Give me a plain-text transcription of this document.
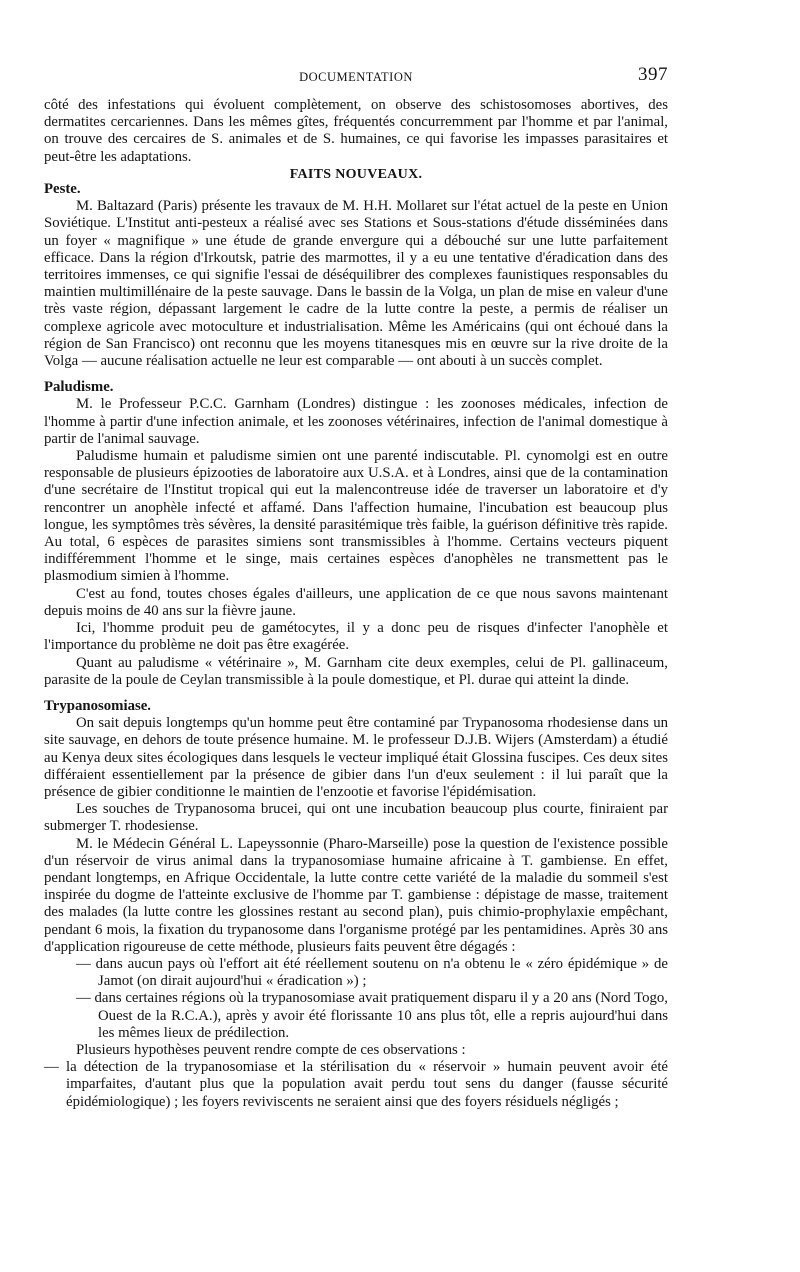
DOCUMENTATION	397

côté des infestations qui évoluent complètement, on observe des schistosomoses abortives, des dermatites cercariennes. Dans les mêmes gîtes, fréquentés concurremment par l'homme et par l'animal, on trouve des cercaires de S. animales et de S. humaines, ce qui favorise les impasses parasitaires et peut-être les adaptations.

FAITS NOUVEAUX.

Peste.

M. Baltazard (Paris) présente les travaux de M. H.H. Mollaret sur l'état actuel de la peste en Union Soviétique. L'Institut anti-pesteux a réalisé avec ses Stations et Sous-stations d'étude disséminées dans un foyer « magnifique » une étude de grande envergure qui a débouché sur une lutte parfaitement efficace. Dans la région d'Irkoutsk, patrie des marmottes, il y a eu une tentative d'éradication dans des territoires immenses, ce qui signifie l'essai de déséquilibrer des complexes faunistiques responsables du maintien multimillénaire de la peste sauvage. Dans le bassin de la Volga, un plan de mise en valeur d'une très vaste région, dépassant largement le cadre de la lutte contre la peste, a permis de réaliser un complexe agricole avec motoculture et industrialisation. Même les Américains (qui ont échoué dans la région de San Francisco) ont reconnu que les moyens titanesques mis en œuvre sur la rive droite de la Volga — aucune réalisation actuelle ne leur est comparable — ont abouti à un succès complet.

Paludisme.

M. le Professeur P.C.C. Garnham (Londres) distingue : les zoonoses médicales, infection de l'homme à partir d'une infection animale, et les zoonoses vétérinaires, infection de l'animal domestique à partir de l'animal sauvage.

Paludisme humain et paludisme simien ont une parenté indiscutable. Pl. cynomolgi est en outre responsable de plusieurs épizooties de laboratoire aux U.S.A. et à Londres, ainsi que de la contamination d'une secrétaire de l'Institut tropical qui eut la malencontreuse idée de traverser un laboratoire et d'y rencontrer un anophèle infecté et affamé. Dans l'affection humaine, l'incubation est beaucoup plus longue, les symptômes très sévères, la densité parasitémique très faible, la guérison définitive très rapide. Au total, 6 espèces de parasites simiens sont transmissibles à l'homme. Certains vecteurs piquent indifféremment l'homme et le singe, mais certaines espèces d'anophèles ne transmettent pas le plasmodium simien à l'homme.

C'est au fond, toutes choses égales d'ailleurs, une application de ce que nous savons maintenant depuis moins de 40 ans sur la fièvre jaune.

Ici, l'homme produit peu de gamétocytes, il y a donc peu de risques d'infecter l'anophèle et l'importance du problème ne doit pas être exagérée.

Quant au paludisme « vétérinaire », M. Garnham cite deux exemples, celui de Pl. gallinaceum, parasite de la poule de Ceylan transmissible à la poule domestique, et Pl. durae qui atteint la dinde.

Trypanosomiase.

On sait depuis longtemps qu'un homme peut être contaminé par Trypanosoma rhodesiense dans un site sauvage, en dehors de toute présence humaine. M. le professeur D.J.B. Wijers (Amsterdam) a étudié au Kenya deux sites écologiques dans lesquels le vecteur impliqué était Glossina fuscipes. Ces deux sites différaient essentiellement par la présence de gibier dans l'un d'eux seulement : il lui paraît que la présence de gibier conditionne le maintien de l'enzootie et favorise l'épidémisation.

Les souches de Trypanosoma brucei, qui ont une incubation beaucoup plus courte, finiraient par submerger T. rhodesiense.

M. le Médecin Général L. Lapeyssonnie (Pharo-Marseille) pose la question de l'existence possible d'un réservoir de virus animal dans la trypanosomiase humaine africaine à T. gambiense. En effet, pendant longtemps, en Afrique Occidentale, la lutte contre cette variété de la maladie du sommeil s'est inspirée du dogme de l'atteinte exclusive de l'homme par T. gambiense : dépistage de masse, traitement des malades (la lutte contre les glossines restant au second plan), puis chimio-prophylaxie empêchant, pendant 6 mois, la fixation du trypanosome dans l'organisme protégé par les pentamidines. Après 30 ans d'application rigoureuse de cette méthode, plusieurs faits peuvent être dégagés :

— dans aucun pays où l'effort ait été réellement soutenu on n'a obtenu le « zéro épidémique » de Jamot (on dirait aujourd'hui « éradication ») ;

— dans certaines régions où la trypanosomiase avait pratiquement disparu il y a 20 ans (Nord Togo, Ouest de la R.C.A.), après y avoir été florissante 10 ans plus tôt, elle a repris aujourd'hui dans les mêmes lieux de prédilection.

Plusieurs hypothèses peuvent rendre compte de ces observations :

— la détection de la trypanosomiase et la stérilisation du « réservoir » humain peuvent avoir été imparfaites, d'autant plus que la population avait perdu tout sens du danger (fausse sécurité épidémiologique) ; les foyers reviviscents ne seraient ainsi que des foyers résiduels négligés ;
